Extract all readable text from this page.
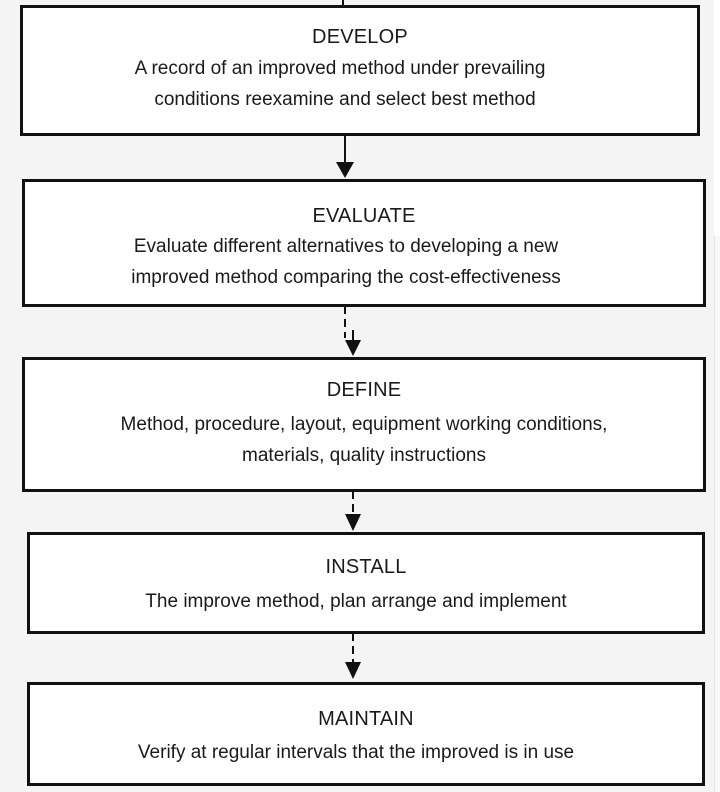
DEVELOP
A record of an improved method under prevailing
conditions reexamine and select best method
EVALUATE
Evaluate different alternatives to developing a new
improved method comparing the cost-effectiveness
DEFINE
Method, procedure, layout, equipment working conditions,
materials, quality instructions
INSTALL
The improve method, plan arrange and implement
MAINTAIN
Verify at regular intervals that the improved is in use
